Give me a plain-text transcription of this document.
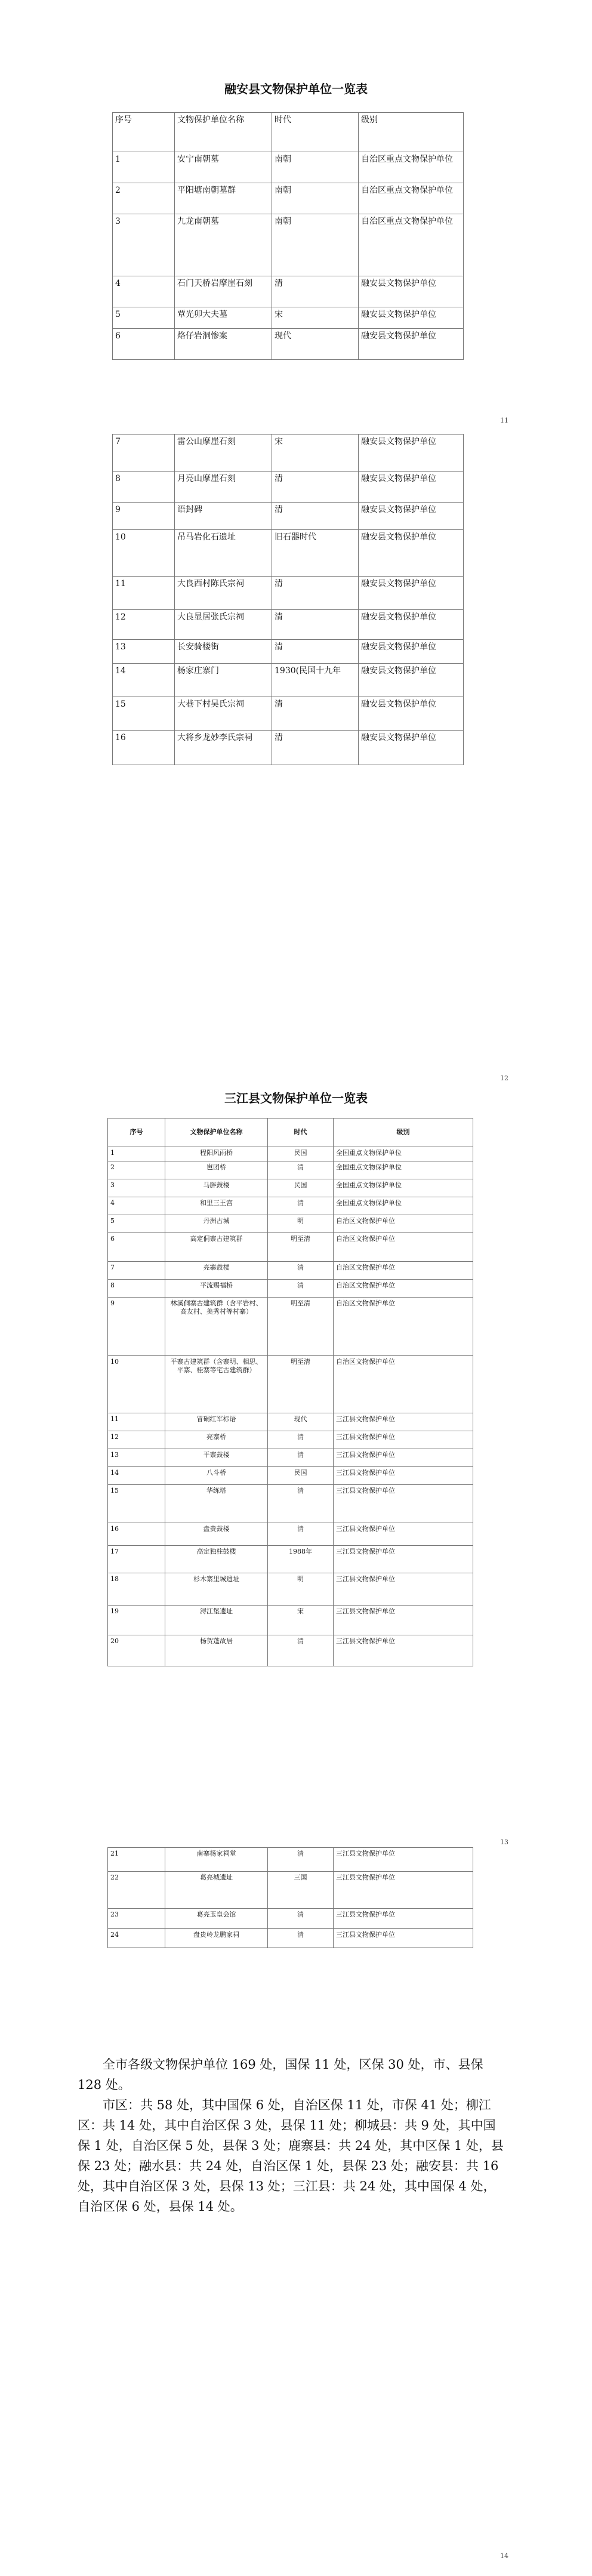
融安县文物保护单位一览表
序号	文物保护单位名称	时代	级别
1	安宁南朝墓	南朝	自治区重点文物保护单位
2	平阳塘南朝墓群	南朝	自治区重点文物保护单位
3	九龙南朝墓	南朝	自治区重点文物保护单位
4	石门天桥岩摩崖石刻	清	融安县文物保护单位
5	覃光卯大夫墓	宋	融安县文物保护单位
6	烙仔岩洞惨案	现代	融安县文物保护单位
11
7	雷公山摩崖石刻	宋	融安县文物保护单位
8	月亮山摩崖石刻	清	融安县文物保护单位
9	语封碑	清	融安县文物保护单位
10	吊马岩化石遗址	旧石器时代	融安县文物保护单位
11	大良西村陈氏宗祠	清	融安县文物保护单位
12	大良显居张氏宗祠	清	融安县文物保护单位
13	长安骑楼街	清	融安县文物保护单位
14	杨家庄寨门	1930(民国十九年	融安县文物保护单位
15	大巷下村吴氏宗祠	清	融安县文物保护单位
16	大将乡龙妙李氏宗祠	清	融安县文物保护单位
12
三江县文物保护单位一览表
序号	文物保护单位名称	时代	级别
1	程阳风雨桥	民国	全国重点文物保护单位
2	岜团桥	清	全国重点文物保护单位
3	马胖鼓楼	民国	全国重点文物保护单位
4	和里三王宫	清	全国重点文物保护单位
5	丹洲古城	明	自治区文物保护单位
6	高定侗寨古建筑群	明至清	自治区文物保护单位
7	亮寨鼓楼	清	自治区文物保护单位
8	平流赐福桥	清	自治区文物保护单位
9	林溪侗寨古建筑群（含平岩村、高友村、美秀村等村寨）	明至清	自治区文物保护单位
10	平寨古建筑群（含寨明、相思、平寨、桂寨等宅古建筑群）	明至清	自治区文物保护单位
11	冒硐红军标语	现代	三江县文物保护单位
12	亮寨桥	清	三江县文物保护单位
13	平寨鼓楼	清	三江县文物保护单位
14	八斗桥	民国	三江县文物保护单位
15	华练塔	清	三江县文物保护单位
16	盘贵鼓楼	清	三江县文物保护单位
17	高定独柱鼓楼	1988年	三江县文物保护单位
18	杉木寨里城遗址	明	三江县文物保护单位
19	浔江堡遗址	宋	三江县文物保护单位
20	杨贺蓬故居	清	三江县文物保护单位
13
21	南寨杨家祠堂	清	三江县文物保护单位
22	葛亮城遗址	三国	三江县文物保护单位
23	葛亮玉皇会馆	清	三江县文物保护单位
24	盘贵岭龙鹏家祠	清	三江县文物保护单位

全市各级文物保护单位 169 处，国保 11 处，区保 30 处，市、县保 128 处。

市区：共 58 处，其中国保 6 处，自治区保 11 处，市保 41 处；柳江区：共 14 处，其中自治区保 3 处，县保 11 处；柳城县：共 9 处，其中国保 1 处，自治区保 5 处，县保 3 处；鹿寨县：共 24 处，其中区保 1 处，县保 23 处；融水县：共 24 处，自治区保 1 处，县保 23 处；融安县：共 16 处，其中自治区保 3 处，县保 13 处；三江县：共 24 处，其中国保 4 处，自治区保 6 处，县保 14 处。

14
